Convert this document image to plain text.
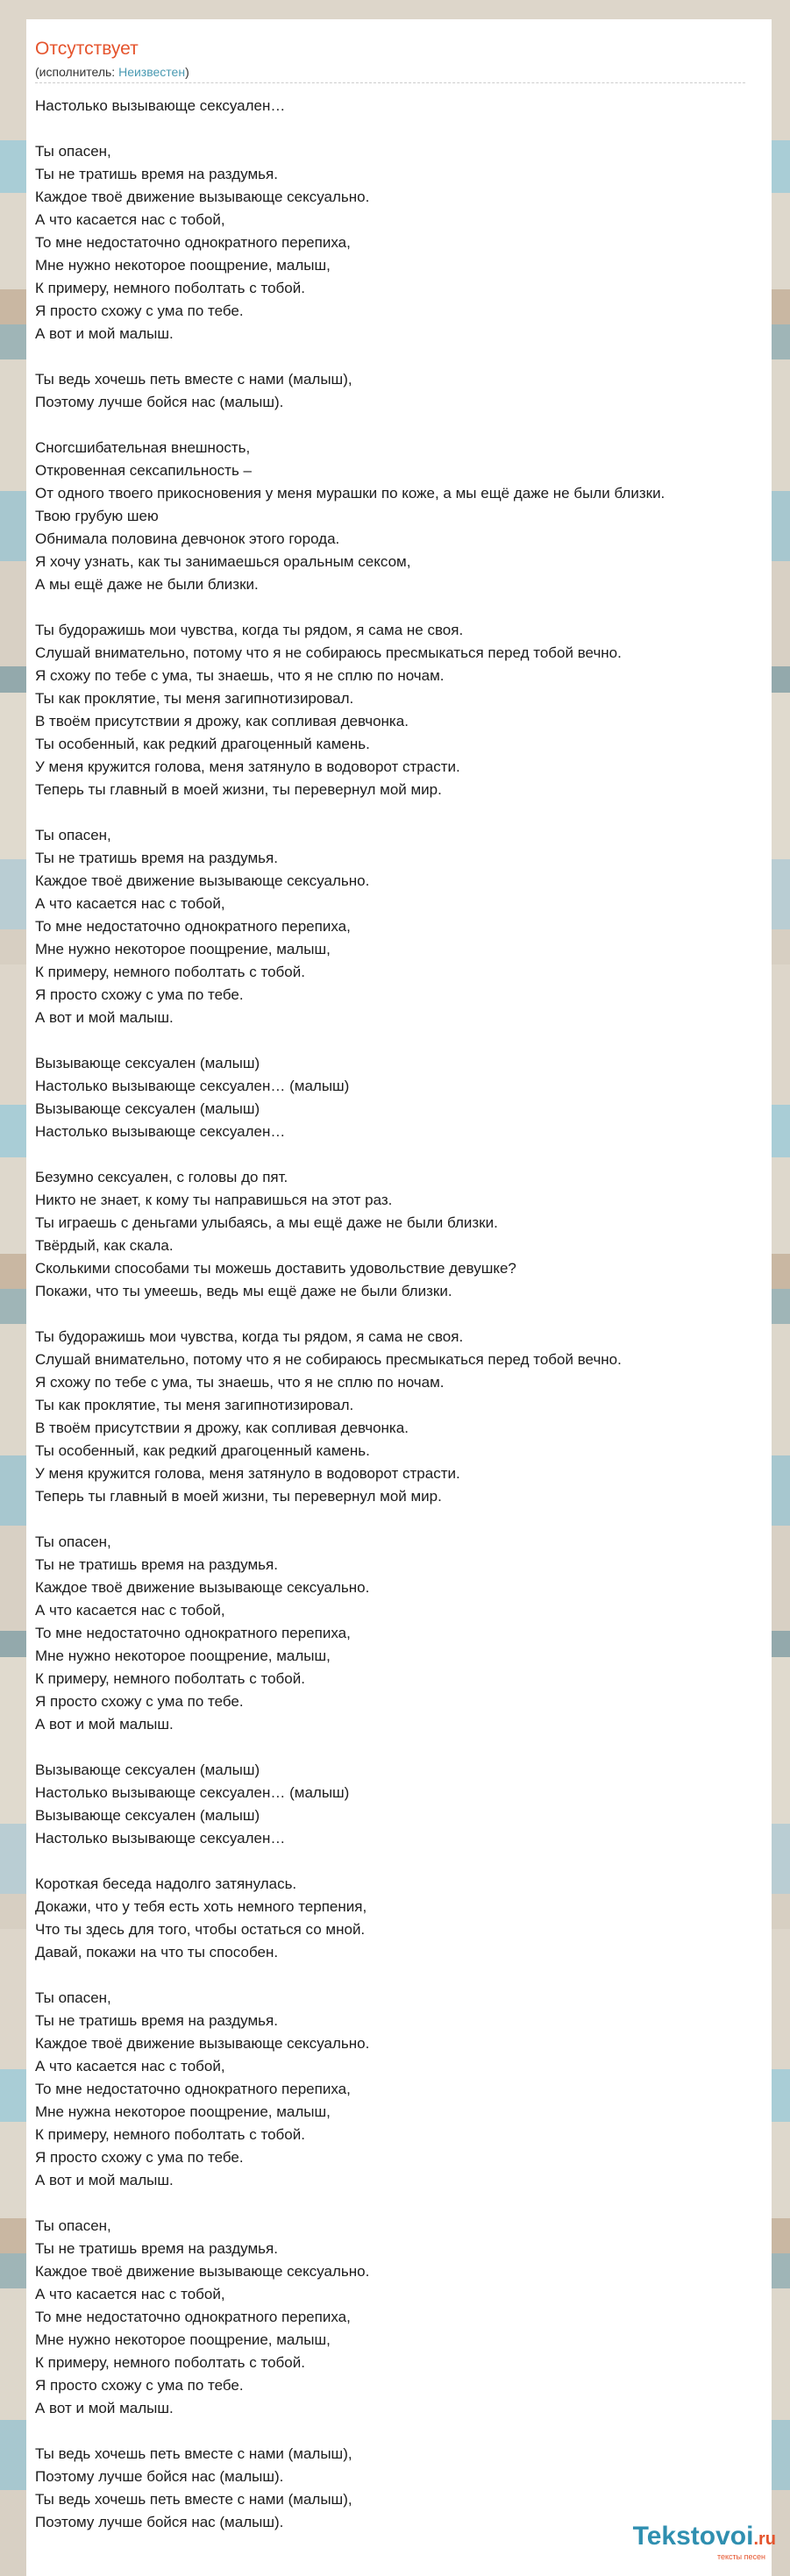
Отсутствует
(исполнитель: Неизвестен)
Настолько вызывающе сексуален…
Ты опасен,
Ты не тратишь время на раздумья.
Каждое твоё движение вызывающе сексуально.
А что касается нас с тобой,
То мне недостаточно однократного перепиха,
Мне нужно некоторое поощрение, малыш,
К примеру, немного поболтать с тобой.
Я просто схожу с ума по тебе.
А вот и мой малыш.
Ты ведь хочешь петь вместе с нами (малыш),
Поэтому лучше бойся нас (малыш).
Сногсшибательная внешность,
Откровенная сексапильность –
От одного твоего прикосновения у меня мурашки по коже, а мы ещё даже не были близки.
Твою грубую шею
Обнимала половина девчонок этого города.
Я хочу узнать, как ты занимаешься оральным сексом,
А мы ещё даже не были близки.
Ты будоражишь мои чувства, когда ты рядом, я сама не своя.
Слушай внимательно, потому что я не собираюсь пресмыкаться перед тобой вечно.
Я схожу по тебе с ума, ты знаешь, что я не сплю по ночам.
Ты как проклятие, ты меня загипнотизировал.
В твоём присутствии я дрожу, как сопливая девчонка.
Ты особенный, как редкий драгоценный камень.
У меня кружится голова, меня затянуло в водоворот страсти.
Теперь ты главный в моей жизни, ты перевернул мой мир.
Ты опасен,
Ты не тратишь время на раздумья.
Каждое твоё движение вызывающе сексуально.
А что касается нас с тобой,
То мне недостаточно однократного перепиха,
Мне нужно некоторое поощрение, малыш,
К примеру, немного поболтать с тобой.
Я просто схожу с ума по тебе.
А вот и мой малыш.
Вызывающе сексуален (малыш)
Настолько вызывающе сексуален… (малыш)
Вызывающе сексуален (малыш)
Настолько вызывающе сексуален…
Безумно сексуален, с головы до пят.
Никто не знает, к кому ты направишься на этот раз.
Ты играешь с деньгами улыбаясь, а мы ещё даже не были близки.
Твёрдый, как скала.
Сколькими способами ты можешь доставить удовольствие девушке?
Покажи, что ты умеешь, ведь мы ещё даже не были близки.
Ты будоражишь мои чувства, когда ты рядом, я сама не своя.
Слушай внимательно, потому что я не собираюсь пресмыкаться перед тобой вечно.
Я схожу по тебе с ума, ты знаешь, что я не сплю по ночам.
Ты как проклятие, ты меня загипнотизировал.
В твоём присутствии я дрожу, как сопливая девчонка.
Ты особенный, как редкий драгоценный камень.
У меня кружится голова, меня затянуло в водоворот страсти.
Теперь ты главный в моей жизни, ты перевернул мой мир.
Ты опасен,
Ты не тратишь время на раздумья.
Каждое твоё движение вызывающе сексуально.
А что касается нас с тобой,
То мне недостаточно однократного перепиха,
Мне нужно некоторое поощрение, малыш,
К примеру, немного поболтать с тобой.
Я просто схожу с ума по тебе.
А вот и мой малыш.
Вызывающе сексуален (малыш)
Настолько вызывающе сексуален… (малыш)
Вызывающе сексуален (малыш)
Настолько вызывающе сексуален…
Короткая беседа надолго затянулась.
Докажи, что у тебя есть хоть немного терпения,
Что ты здесь для того, чтобы остаться со мной.
Давай, покажи на что ты способен.
Ты опасен,
Ты не тратишь время на раздумья.
Каждое твоё движение вызывающе сексуально.
А что касается нас с тобой,
То мне недостаточно однократного перепиха,
Мне нужна некоторое поощрение, малыш,
К примеру, немного поболтать с тобой.
Я просто схожу с ума по тебе.
А вот и мой малыш.
Ты опасен,
Ты не тратишь время на раздумья.
Каждое твоё движение вызывающе сексуально.
А что касается нас с тобой,
То мне недостаточно однократного перепиха,
Мне нужно некоторое поощрение, малыш,
К примеру, немного поболтать с тобой.
Я просто схожу с ума по тебе.
А вот и мой малыш.
Ты ведь хочешь петь вместе с нами (малыш),
Поэтому лучше бойся нас (малыш).
Ты ведь хочешь петь вместе с нами (малыш),
Поэтому лучше бойся нас (малыш).	Tekstovoi.ru
тексты песен
